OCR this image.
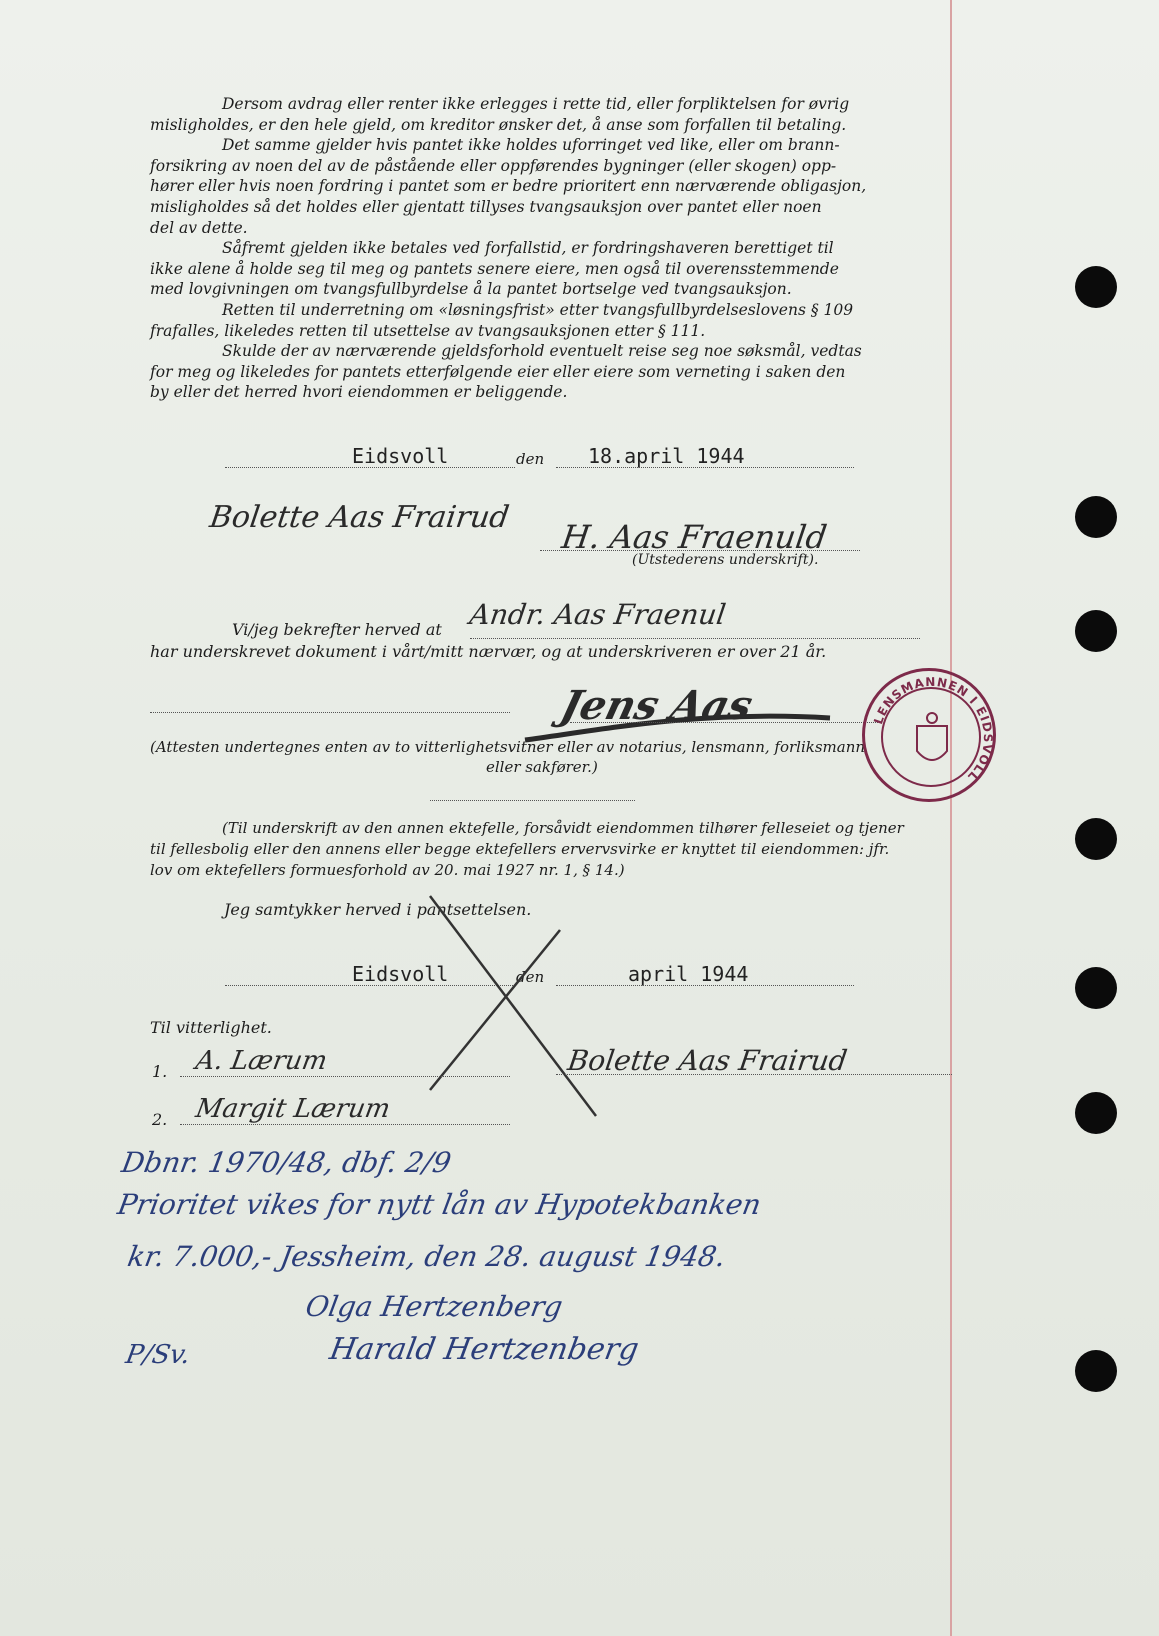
Dersom avdrag eller renter ikke erlegges i rette tid, eller forpliktelsen for øvrig
misligholdes, er den hele gjeld, om kreditor ønsker det, å anse som forfallen til betaling.
Det samme gjelder hvis pantet ikke holdes uforringet ved like, eller om brann-
forsikring av noen del av de påstående eller oppførendes bygninger (eller skogen) opp-
hører eller hvis noen fordring i pantet som er bedre prioritert enn nærværende obligasjon,
misligholdes så det holdes eller gjentatt tillyses tvangsauksjon over pantet eller noen
del av dette.
Såfremt gjelden ikke betales ved forfallstid, er fordringshaveren berettiget til
ikke alene å holde seg til meg og pantets senere eiere, men også til overensstemmende
med lovgivningen om tvangsfullbyrdelse å la pantet bortselge ved tvangsauksjon.
Retten til underretning om «løsningsfrist» etter tvangsfullbyrdelseslovens § 109
frafalles, likeledes retten til utsettelse av tvangsauksjonen etter § 111.
Skulde der av nærværende gjeldsforhold eventuelt reise seg noe søksmål, vedtas
for meg og likeledes for pantets etterfølgende eier eller eiere som verneting i saken den
by eller det herred hvori eiendommen er beliggende.
Eidsvoll	den 18.april 1944
Bolette Aas Frairud
H. Aas Fraenuld
(Utstederens underskrift).
Vi/jeg bekrefter herved at Andr. Aas Fraenul
har underskrevet dokument i vårt/mitt nærvær, og at underskriveren er over 21 år.
Jens Aas
(Attesten undertegnes enten av to vitterlighetsvitner eller av notarius, lensmann, forliksmann
eller sakfører.)
LENSMANNEN I EIDSVOLL
(Til underskrift av den annen ektefelle, forsåvidt eiendommen tilhører felleseiet og tjener
til fellesbolig eller den annens eller begge ektefellers ervervsvirke er knyttet til eiendommen: jfr.
lov om ektefellers formuesforhold av 20. mai 1927 nr. 1, § 14.)
Jeg samtykker herved i pantsettelsen.
Eidsvoll	den	april 1944
Til vitterlighet.
1. A. Lærum	Bolette Aas Frairud
2. Margit Lærum
Dbnr. 1970/48, dbf. 2/9
Prioritet vikes for nytt lån av Hypotekbanken
kr. 7.000,- Jessheim, den 28. august 1948.
Olga Hertzenberg
Harald Hertzenberg
P/Sv.
